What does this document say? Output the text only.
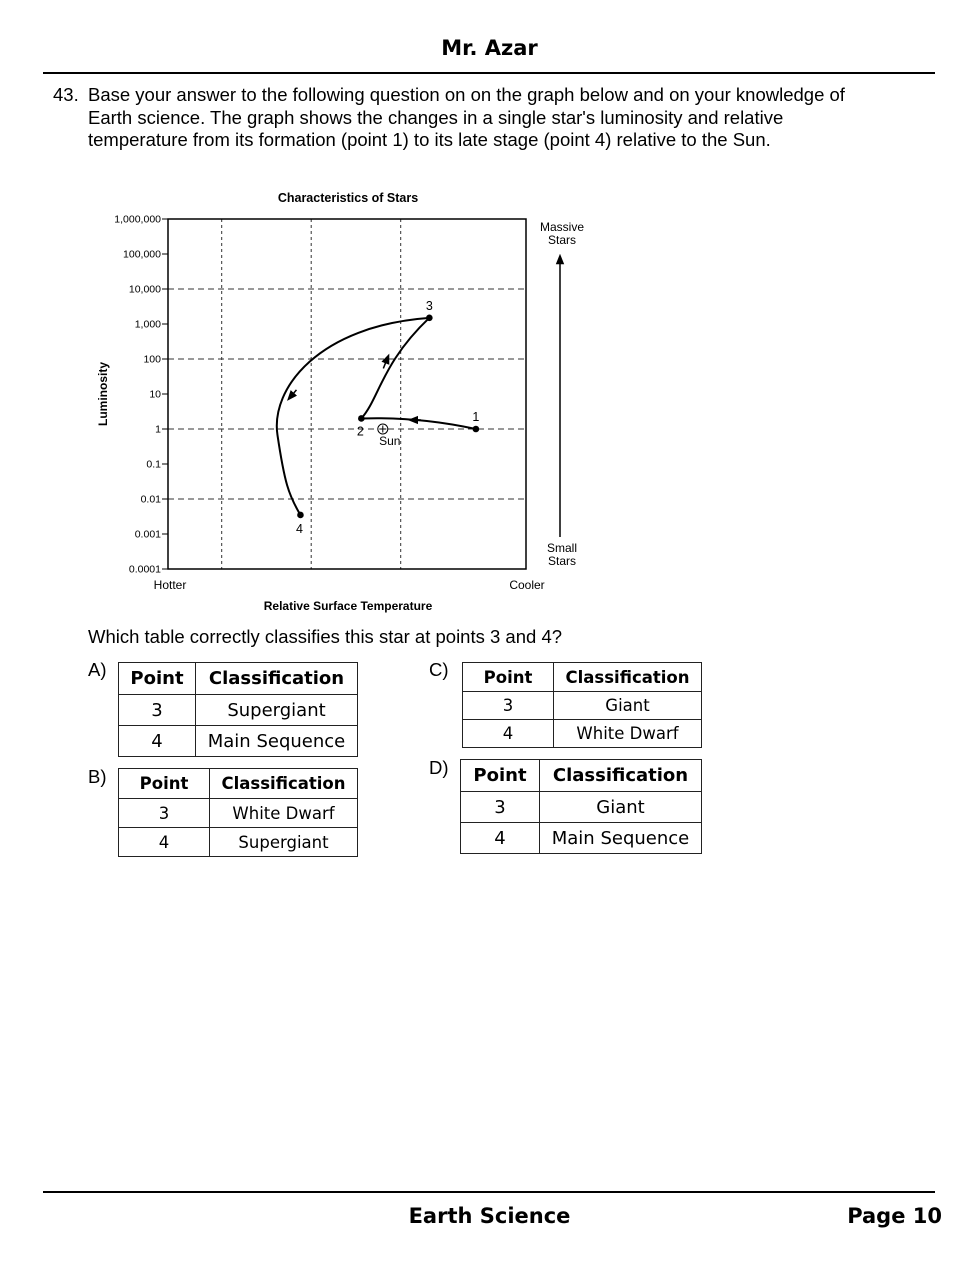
Mr. Azar
43. Base your answer to the following question on on the graph below and on your knowledge of Earth science. The graph shows the changes in a single star's luminosity and relative temperature from its formation (point 1) to its late stage (point 4) relative to the Sun.
Characteristics of Stars
1,000,000
100,000
10,000
1,000
100
10
1
0.1
0.01
0.001
0.0001
Hotter	Cooler
Relative Surface Temperature
Luminosity	1
2
3
4
Sun
Massive
Stars
Small
Stars
Which table correctly classifies this star at points 3 and 4?
A) Point	Classification
3	Supergiant
4	Main Sequence
B) Point	Classification
3	White Dwarf
4	Supergiant
C) Point	Classification
3	Giant
4	White Dwarf
D) Point	Classification
3	Giant
4	Main Sequence
Earth Science	Page 10
